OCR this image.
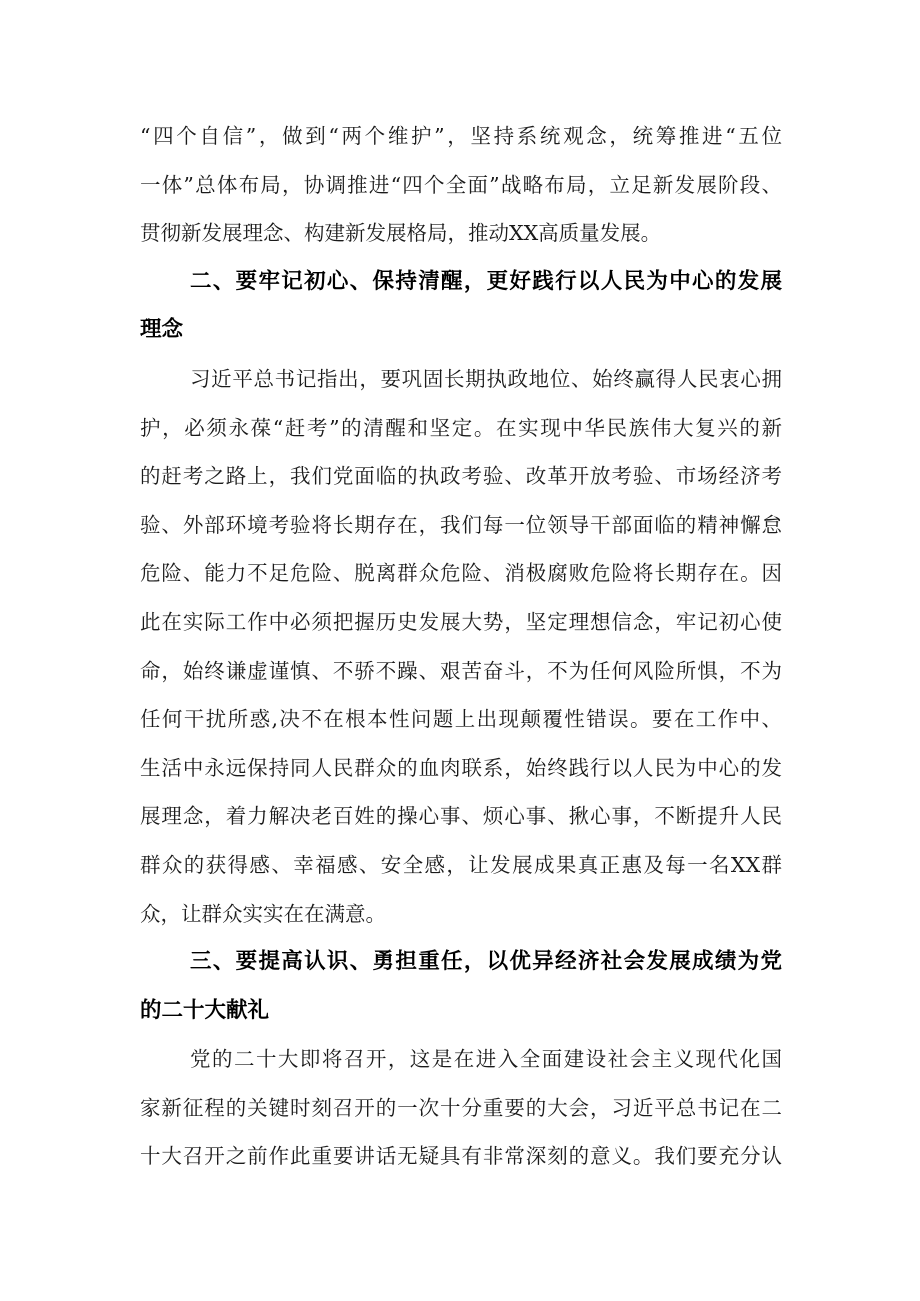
“四个自信”，做到“两个维护”，坚持系统观念，统筹推进“五位
一体”总体布局，协调推进“四个全面”战略布局，立足新发展阶段、
贯彻新发展理念、构建新发展格局，推动XX高质量发展。
二、要牢记初心、保持清醒，更好践行以人民为中心的发展
理念
习近平总书记指出，要巩固长期执政地位、始终赢得人民衷心拥
护，必须永葆“赶考”的清醒和坚定。在实现中华民族伟大复兴的新
的赶考之路上，我们党面临的执政考验、改革开放考验、市场经济考
验、外部环境考验将长期存在，我们每一位领导干部面临的精神懈怠
危险、能力不足危险、脱离群众危险、消极腐败危险将长期存在。因
此在实际工作中必须把握历史发展大势，坚定理想信念，牢记初心使
命，始终谦虚谨慎、不骄不躁、艰苦奋斗，不为任何风险所惧，不为
任何干扰所惑,决不在根本性问题上出现颠覆性错误。要在工作中、
生活中永远保持同人民群众的血肉联系，始终践行以人民为中心的发
展理念，着力解决老百姓的操心事、烦心事、揪心事，不断提升人民
群众的获得感、幸福感、安全感，让发展成果真正惠及每一名XX群
众，让群众实实在在满意。
三、要提高认识、勇担重任，以优异经济社会发展成绩为党
的二十大献礼
党的二十大即将召开，这是在进入全面建设社会主义现代化国
家新征程的关键时刻召开的一次十分重要的大会，习近平总书记在二
十大召开之前作此重要讲话无疑具有非常深刻的意义。我们要充分认
